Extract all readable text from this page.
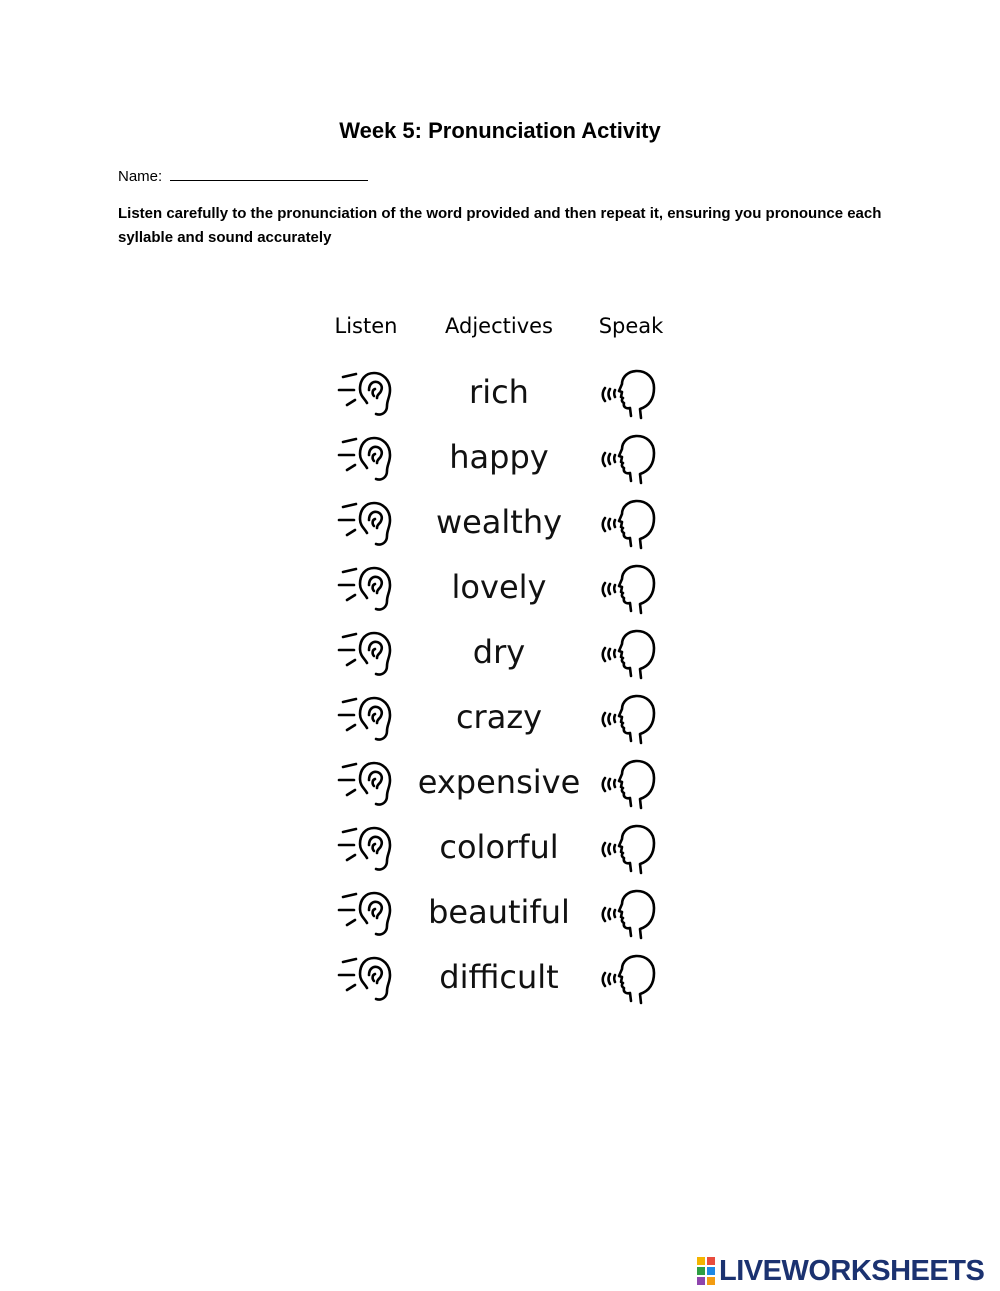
Week 5: Pronunciation Activity
Name:
Listen carefully to the pronunciation of the word provided and then repeat it, ensuring you pronounce each syllable and sound accurately
Listen	Adjectives	Speak
rich
happy
wealthy
lovely
dry
crazy
expensive
colorful
beautiful
difficult
LIVEWORKSHEETS
